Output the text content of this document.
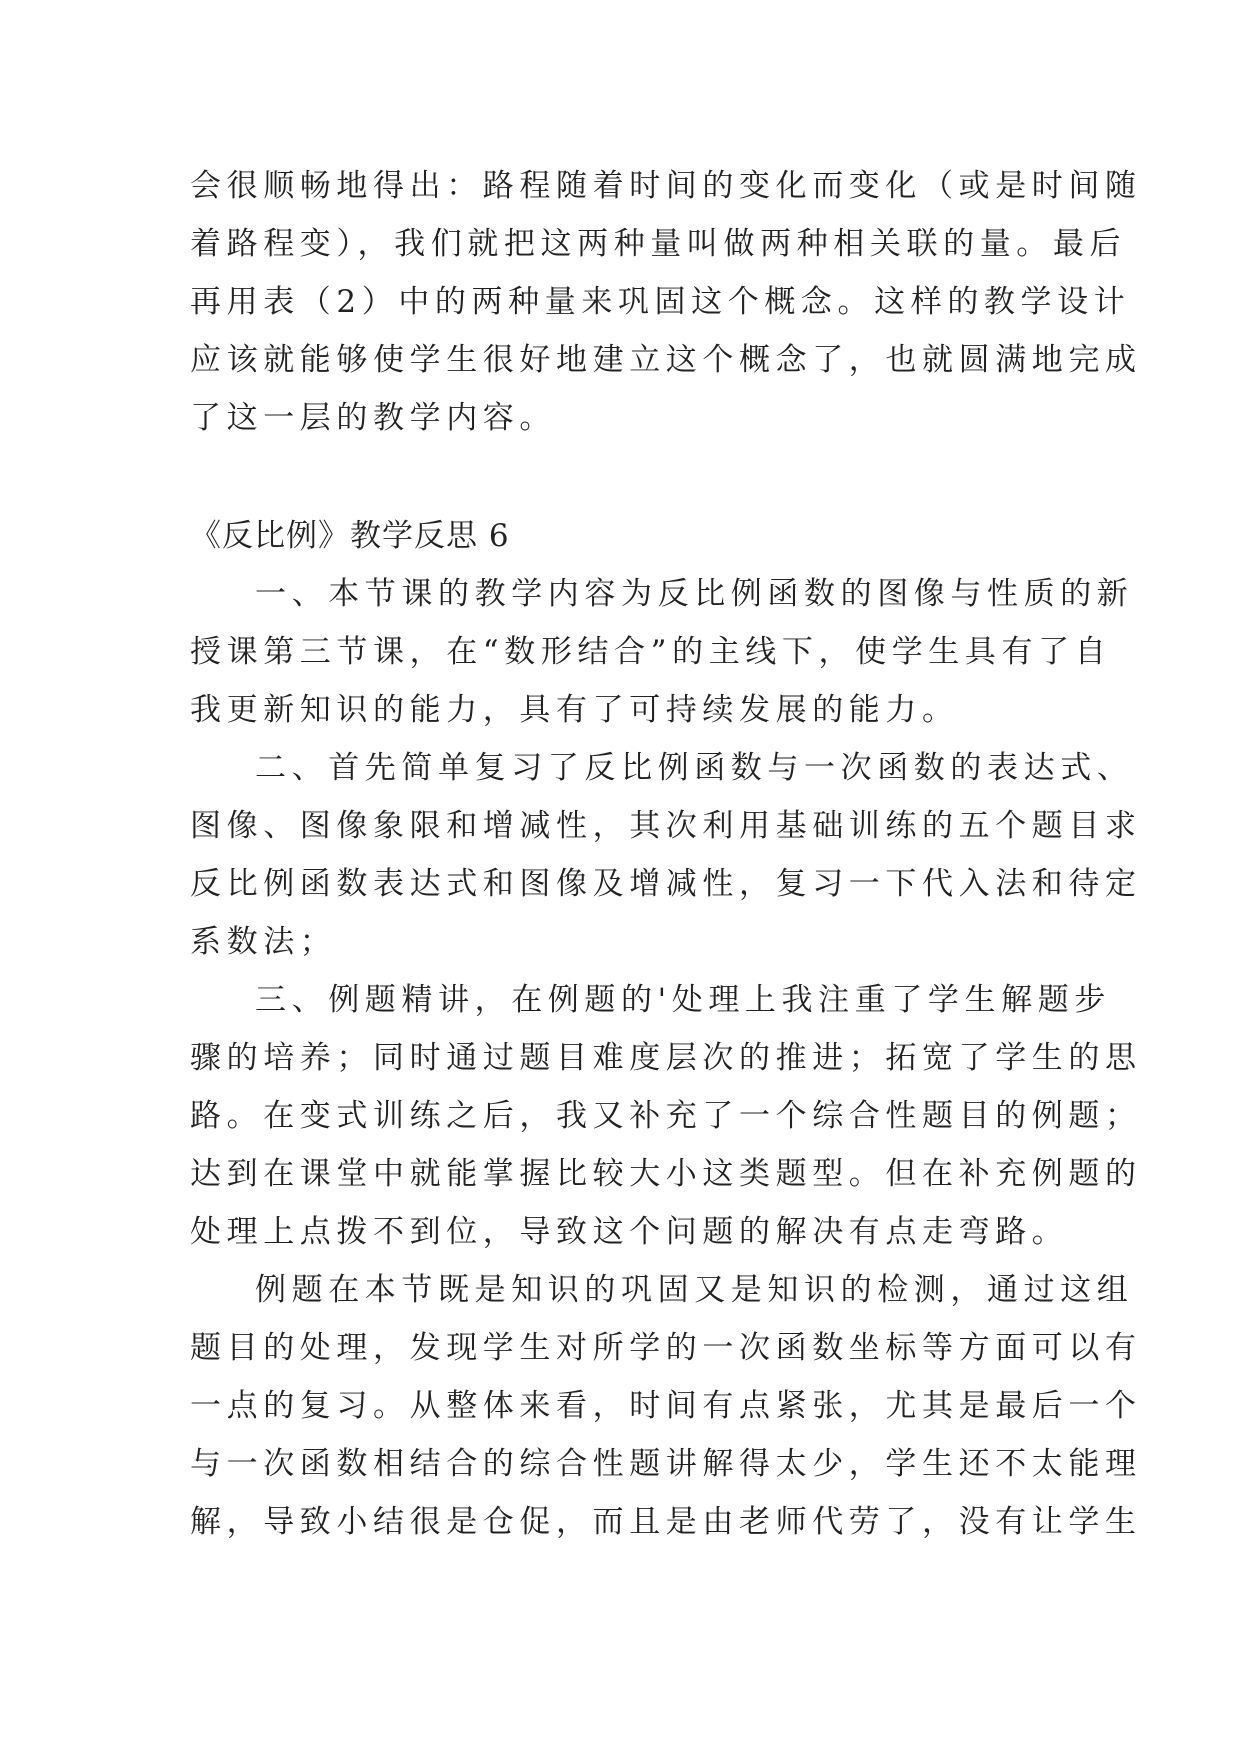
会很顺畅地得出：路程随着时间的变化而变化（或是时间随

着路程变），我们就把这两种量叫做两种相关联的量。最后

再用表（2）中的两种量来巩固这个概念。这样的教学设计

应该就能够使学生很好地建立这个概念了，也就圆满地完成

了这一层的教学内容。

《反比例》教学反思 6

一、本节课的教学内容为反比例函数的图像与性质的新

授课第三节课，在“数形结合”的主线下，使学生具有了自

我更新知识的能力，具有了可持续发展的能力。

二、首先简单复习了反比例函数与一次函数的表达式、

图像、图像象限和增减性，其次利用基础训练的五个题目求

反比例函数表达式和图像及增减性，复习一下代入法和待定

系数法；

三、例题精讲，在例题的'处理上我注重了学生解题步

骤的培养；同时通过题目难度层次的推进；拓宽了学生的思

路。在变式训练之后，我又补充了一个综合性题目的例题；

达到在课堂中就能掌握比较大小这类题型。但在补充例题的

处理上点拨不到位，导致这个问题的解决有点走弯路。

例题在本节既是知识的巩固又是知识的检测，通过这组

题目的处理，发现学生对所学的一次函数坐标等方面可以有

一点的复习。从整体来看，时间有点紧张，尤其是最后一个

与一次函数相结合的综合性题讲解得太少，学生还不太能理

解，导致小结很是仓促，而且是由老师代劳了，没有让学生
